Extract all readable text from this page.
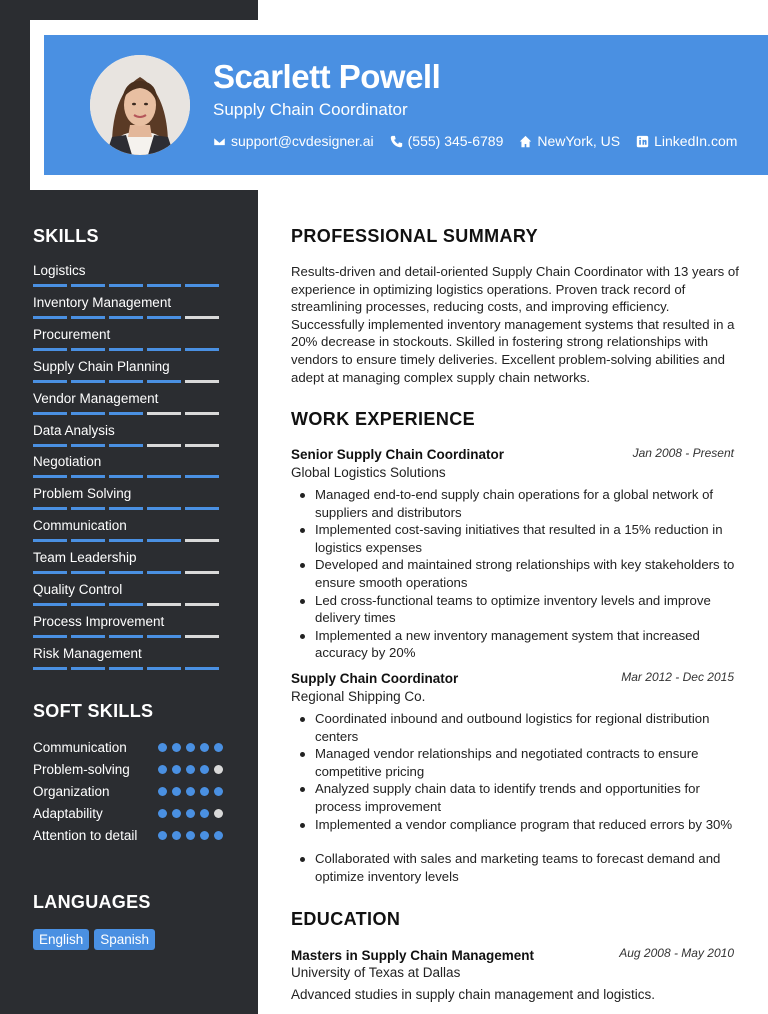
Scarlett Powell
Supply Chain Coordinator
support@cvdesigner.ai (555) 345-6789 NewYork, US LinkedIn.com
SKILLS
Logistics
Inventory Management
Procurement
Supply Chain Planning
Vendor Management
Data Analysis
Negotiation
Problem Solving
Communication
Team Leadership
Quality Control
Process Improvement
Risk Management
SOFT SKILLS
Communication
Problem-solving
Organization
Adaptability
Attention to detail
LANGUAGES
English	Spanish
PROFESSIONAL SUMMARY
Results-driven and detail-oriented Supply Chain Coordinator with 13 years of experience in optimizing logistics operations. Proven track record of streamlining processes, reducing costs, and improving efficiency. Successfully implemented inventory management systems that resulted in a 20% decrease in stockouts. Skilled in fostering strong relationships with vendors to ensure timely deliveries. Excellent problem-solving abilities and adept at managing complex supply chain networks.
WORK EXPERIENCE
Senior Supply Chain Coordinator	Jan 2008 - Present
Global Logistics Solutions
Managed end-to-end supply chain operations for a global network of suppliers and distributors
Implemented cost-saving initiatives that resulted in a 15% reduction in logistics expenses
Developed and maintained strong relationships with key stakeholders to ensure smooth operations
Led cross-functional teams to optimize inventory levels and improve delivery times
Implemented a new inventory management system that increased accuracy by 20%
Supply Chain Coordinator	Mar 2012 - Dec 2015
Regional Shipping Co.
Coordinated inbound and outbound logistics for regional distribution centers
Managed vendor relationships and negotiated contracts to ensure competitive pricing
Analyzed supply chain data to identify trends and opportunities for process improvement
Implemented a vendor compliance program that reduced errors by 30%
Collaborated with sales and marketing teams to forecast demand and optimize inventory levels
EDUCATION
Masters in Supply Chain Management	Aug 2008 - May 2010
University of Texas at Dallas
Advanced studies in supply chain management and logistics.
